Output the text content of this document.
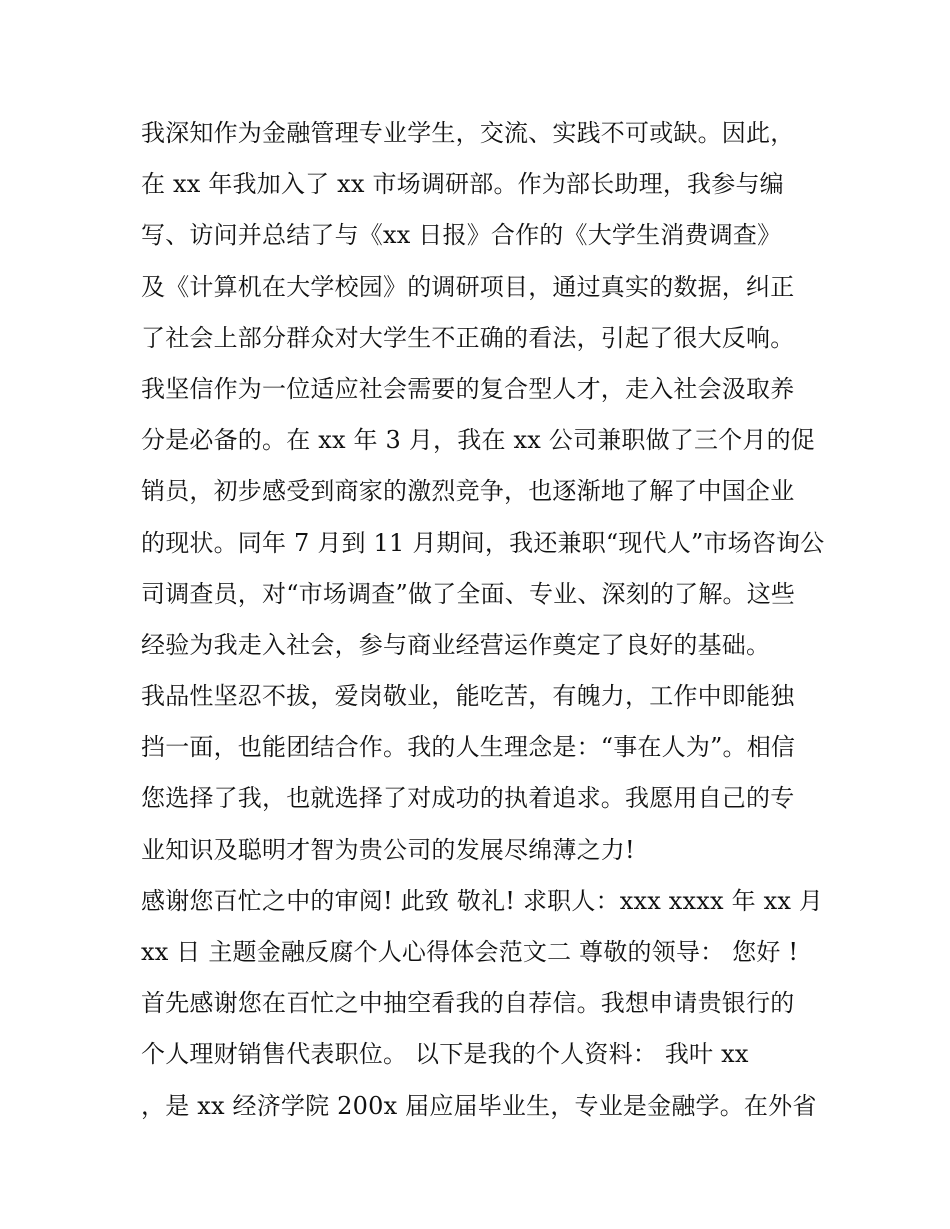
我深知作为金融管理专业学生，交流、实践不可或缺。因此，
在 xx 年我加入了 xx 市场调研部。作为部长助理，我参与编
写、访问并总结了与《xx 日报》合作的《大学生消费调查》
及《计算机在大学校园》的调研项目，通过真实的数据，纠正
了社会上部分群众对大学生不正确的看法，引起了很大反响。
我坚信作为一位适应社会需要的复合型人才，走入社会汲取养
分是必备的。在 xx 年 3 月，我在 xx 公司兼职做了三个月的促
销员，初步感受到商家的激烈竞争，也逐渐地了解了中国企业
的现状。同年 7 月到 11 月期间，我还兼职“现代人”市场咨询公
司调查员，对“市场调查”做了全面、专业、深刻的了解。这些
经验为我走入社会，参与商业经营运作奠定了良好的基础。
我品性坚忍不拔，爱岗敬业，能吃苦，有魄力，工作中即能独
挡一面，也能团结合作。我的人生理念是：“事在人为”。相信
您选择了我，也就选择了对成功的执着追求。我愿用自己的专
业知识及聪明才智为贵公司的发展尽绵薄之力!
感谢您百忙之中的审阅! 此致 敬礼! 求职人：xxx xxxx 年 xx 月
xx 日 主题金融反腐个人心得体会范文二 尊敬的领导： 您好 !
首先感谢您在百忙之中抽空看我的自荐信。我想申请贵银行的
个人理财销售代表职位。 以下是我的个人资料： 我叶 xx
，是 xx 经济学院 200x 届应届毕业生，专业是金融学。在外省
